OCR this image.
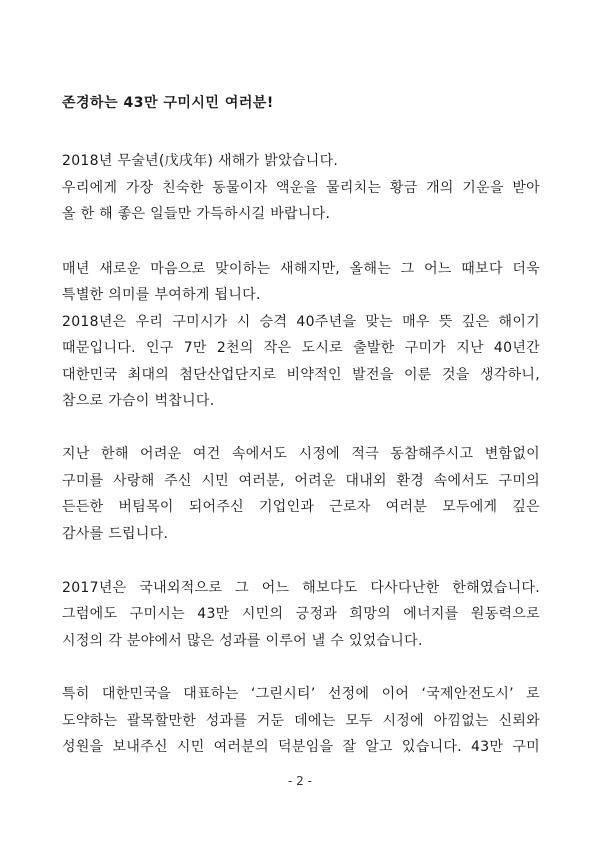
존경하는 43만 구미시민 여러분!
2018년 무술년(戊戌年) 새해가 밝았습니다.
우리에게 가장 친숙한 동물이자 액운을 물리치는 황금 개의 기운을 받아
올 한 해 좋은 일들만 가득하시길 바랍니다.
매년 새로운 마음으로 맞이하는 새해지만, 올해는 그 어느 때보다 더욱
특별한 의미를 부여하게 됩니다.
2018년은 우리 구미시가 시 승격 40주년을 맞는 매우 뜻 깊은 해이기
때문입니다. 인구 7만 2천의 작은 도시로 출발한 구미가 지난 40년간
대한민국 최대의 첨단산업단지로 비약적인 발전을 이룬 것을 생각하니,
참으로 가슴이 벅찹니다.
지난 한해 어려운 여건 속에서도 시정에 적극 동참해주시고 변함없이
구미를 사랑해 주신 시민 여러분, 어려운 대내외 환경 속에서도 구미의
든든한 버팀목이 되어주신 기업인과 근로자 여러분 모두에게 깊은
감사를 드립니다.
2017년은 국내외적으로 그 어느 해보다도 다사다난한 한해였습니다.
그럼에도 구미시는 43만 시민의 긍정과 희망의 에너지를 원동력으로
시정의 각 분야에서 많은 성과를 이루어 낼 수 있었습니다.
특히 대한민국을 대표하는 ‘그린시티’ 선정에 이어 ‘국제안전도시’ 로
도약하는 괄목할만한 성과를 거둔 데에는 모두 시정에 아낌없는 신뢰와
성원을 보내주신 시민 여러분의 덕분임을 잘 알고 있습니다. 43만 구미
- 2 -
